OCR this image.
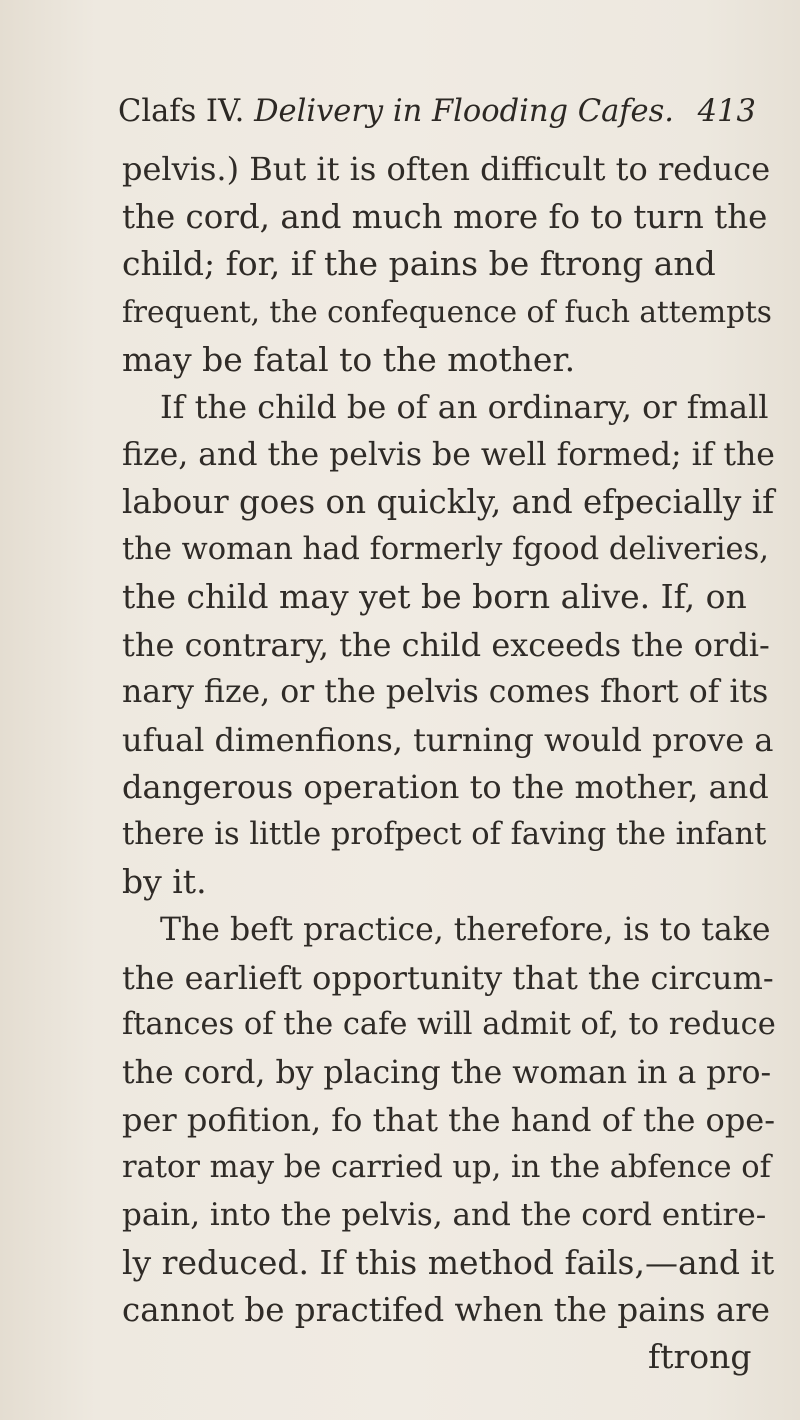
Clafs IV. Delivery in Flooding Cafes. 413
pelvis.) But it is often difficult to reduce
the cord, and much more fo to turn the
child; for, if the pains be ftrong and
frequent, the confequence of fuch attempts
may be fatal to the mother.
If the child be of an ordinary, or fmall
fize, and the pelvis be well formed; if the
labour goes on quickly, and efpecially if
the woman had formerly fgood deliveries,
the child may yet be born alive. If, on
the contrary, the child exceeds the ordi-
nary fize, or the pelvis comes fhort of its
ufual dimenfions, turning would prove a
dangerous operation to the mother, and
there is little profpect of faving the infant
by it.
The beft practice, therefore, is to take
the earlieft opportunity that the circum-
ftances of the cafe will admit of, to reduce
the cord, by placing the woman in a pro-
per pofition, fo that the hand of the ope-
rator may be carried up, in the abfence of
pain, into the pelvis, and the cord entire-
ly reduced. If this method fails,—and it
cannot be practifed when the pains are
ftrong
